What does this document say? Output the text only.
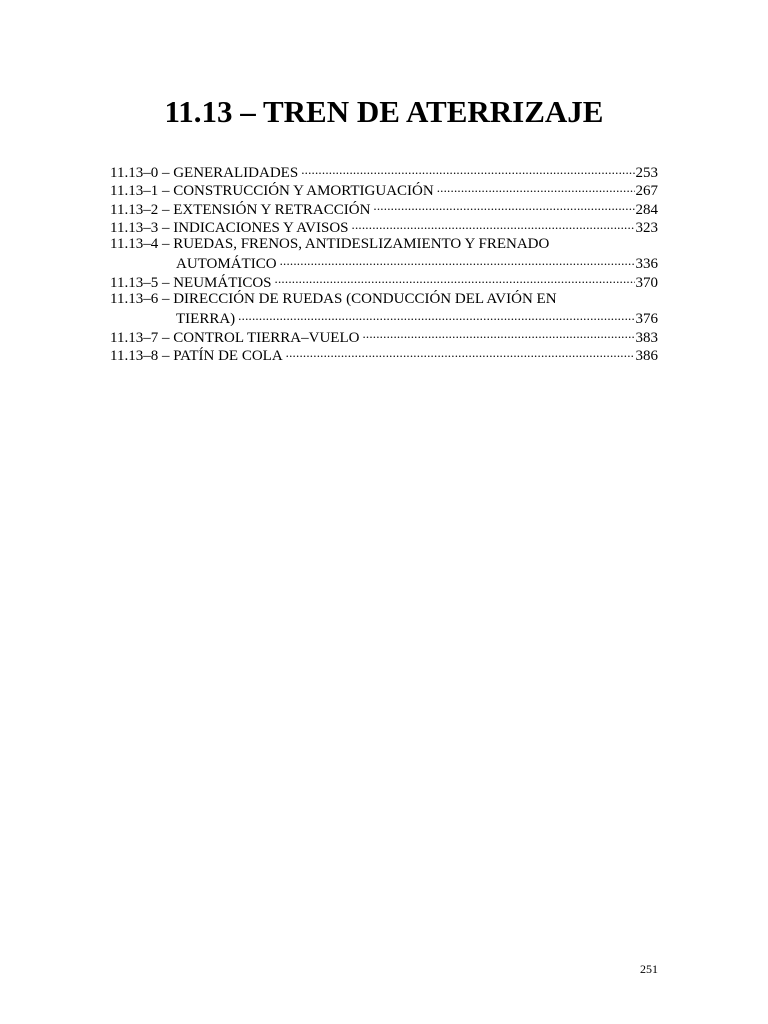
11.13 – TREN DE ATERRIZAJE
11.13–0 – GENERALIDADES .....	253
11.13–1 – CONSTRUCCIÓN Y AMORTIGUACIÓN .....	267
11.13–2 – EXTENSIÓN Y RETRACCIÓN .....	284
11.13–3 – INDICACIONES Y AVISOS .....	323
11.13–4 – RUEDAS, FRENOS, ANTIDESLIZAMIENTO Y FRENADO
AUTOMÁTICO .....	336
11.13–5 – NEUMÁTICOS .....	370
11.13–6 – DIRECCIÓN DE RUEDAS (CONDUCCIÓN DEL AVIÓN EN
TIERRA) .....	376
11.13–7 – CONTROL TIERRA–VUELO .....	383
11.13–8 – PATÍN DE COLA .....	386
251
